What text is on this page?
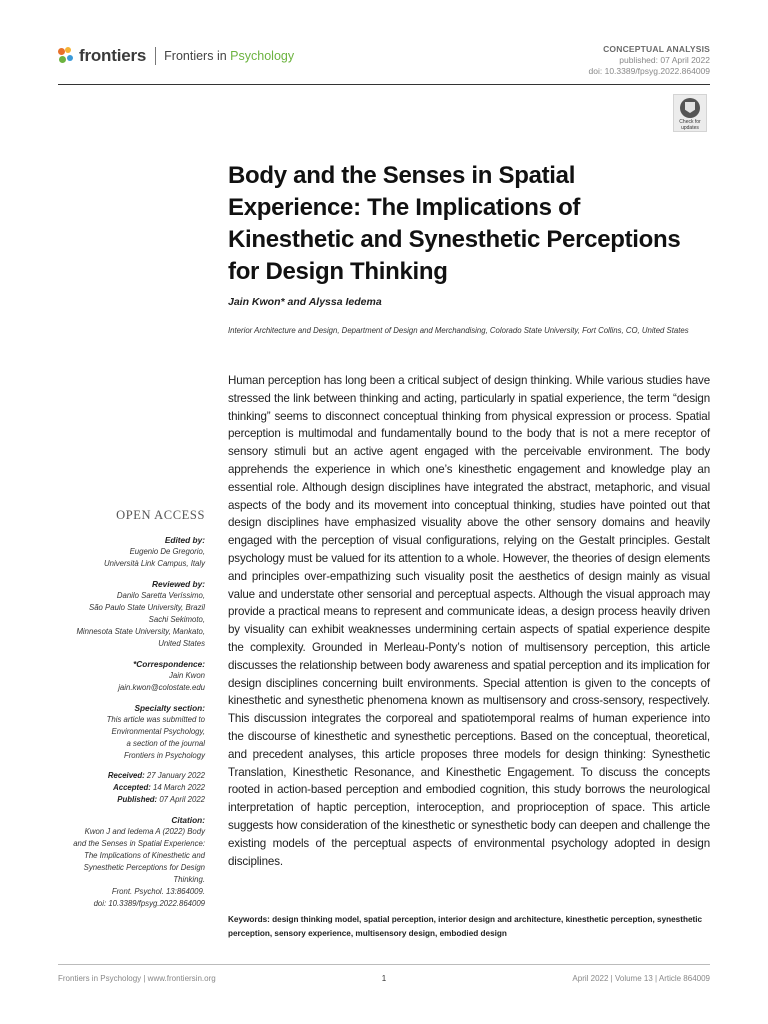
frontiers Frontiers in Psychology	CONCEPTUAL ANALYSIS
published: 07 April 2022
doi: 10.3389/fpsyg.2022.864009
Check for
updates
Body and the Senses in Spatial Experience: The Implications of Kinesthetic and Synesthetic Perceptions for Design Thinking
Jain Kwon* and Alyssa Iedema
Interior Architecture and Design, Department of Design and Merchandising, Colorado State University, Fort Collins, CO, United States

Human perception has long been a critical subject of design thinking. While various studies have stressed the link between thinking and acting, particularly in spatial experience, the term “design thinking” seems to disconnect conceptual thinking from physical expression or process. Spatial perception is multimodal and fundamentally bound to the body that is not a mere receptor of sensory stimuli but an active agent engaged with the perceivable environment. The body apprehends the experience in which one’s kinesthetic engagement and knowledge play an essential role. Although design disciplines have integrated the abstract, metaphoric, and visual aspects of the body and its movement into conceptual thinking, studies have pointed out that design disciplines have emphasized visuality above the other sensory domains and heavily engaged with the perception of visual configurations, relying on the Gestalt principles. Gestalt psychology must be valued for its attention to a whole. However, the theories of design elements and principles over-empathizing such visuality posit the aesthetics of design mainly as visual value and understate other sensorial and perceptual aspects. Although the visual approach may provide a practical means to represent and communicate ideas, a design process heavily driven by visuality can exhibit weaknesses undermining certain aspects of spatial experience despite the complexity. Grounded in Merleau-Ponty’s notion of multisensory perception, this article discusses the relationship between body awareness and spatial perception and its implication for design disciplines concerning built environments. Special attention is given to the concepts of kinesthetic and synesthetic phenomena known as multisensory and cross-sensory, respectively. This discussion integrates the corporeal and spatiotemporal realms of human experience into the discourse of kinesthetic and synesthetic perceptions. Based on the conceptual, theoretical, and precedent analyses, this article proposes three models for design thinking: Synesthetic Translation, Kinesthetic Resonance, and Kinesthetic Engagement. To discuss the concepts rooted in action-based perception and embodied cognition, this study borrows the neurological interpretation of haptic perception, interoception, and proprioception of space. This article suggests how consideration of the kinesthetic or synesthetic body can deepen and challenge the existing models of the perceptual aspects of environmental psychology adopted in design disciplines.

Keywords: design thinking model, spatial perception, interior design and architecture, kinesthetic perception, synesthetic perception, sensory experience, multisensory design, embodied design
OPEN ACCESS
Edited by:
Eugenio De Gregorio,
Università Link Campus, Italy
Reviewed by:
Danilo Saretta Veríssimo,
São Paulo State University, Brazil
Sachi Sekimoto,
Minnesota State University, Mankato,
United States
*Correspondence:
Jain Kwon
jain.kwon@colostate.edu
Specialty section:
This article was submitted to
Environmental Psychology,
a section of the journal
Frontiers in Psychology
Received: 27 January 2022
Accepted: 14 March 2022
Published: 07 April 2022
Citation:
Kwon J and Iedema A (2022) Body
and the Senses in Spatial Experience:
The Implications of Kinesthetic and
Synesthetic Perceptions for Design
Thinking.
Front. Psychol. 13:864009.
doi: 10.3389/fpsyg.2022.864009
Frontiers in Psychology | www.frontiersin.org	1	April 2022 | Volume 13 | Article 864009
